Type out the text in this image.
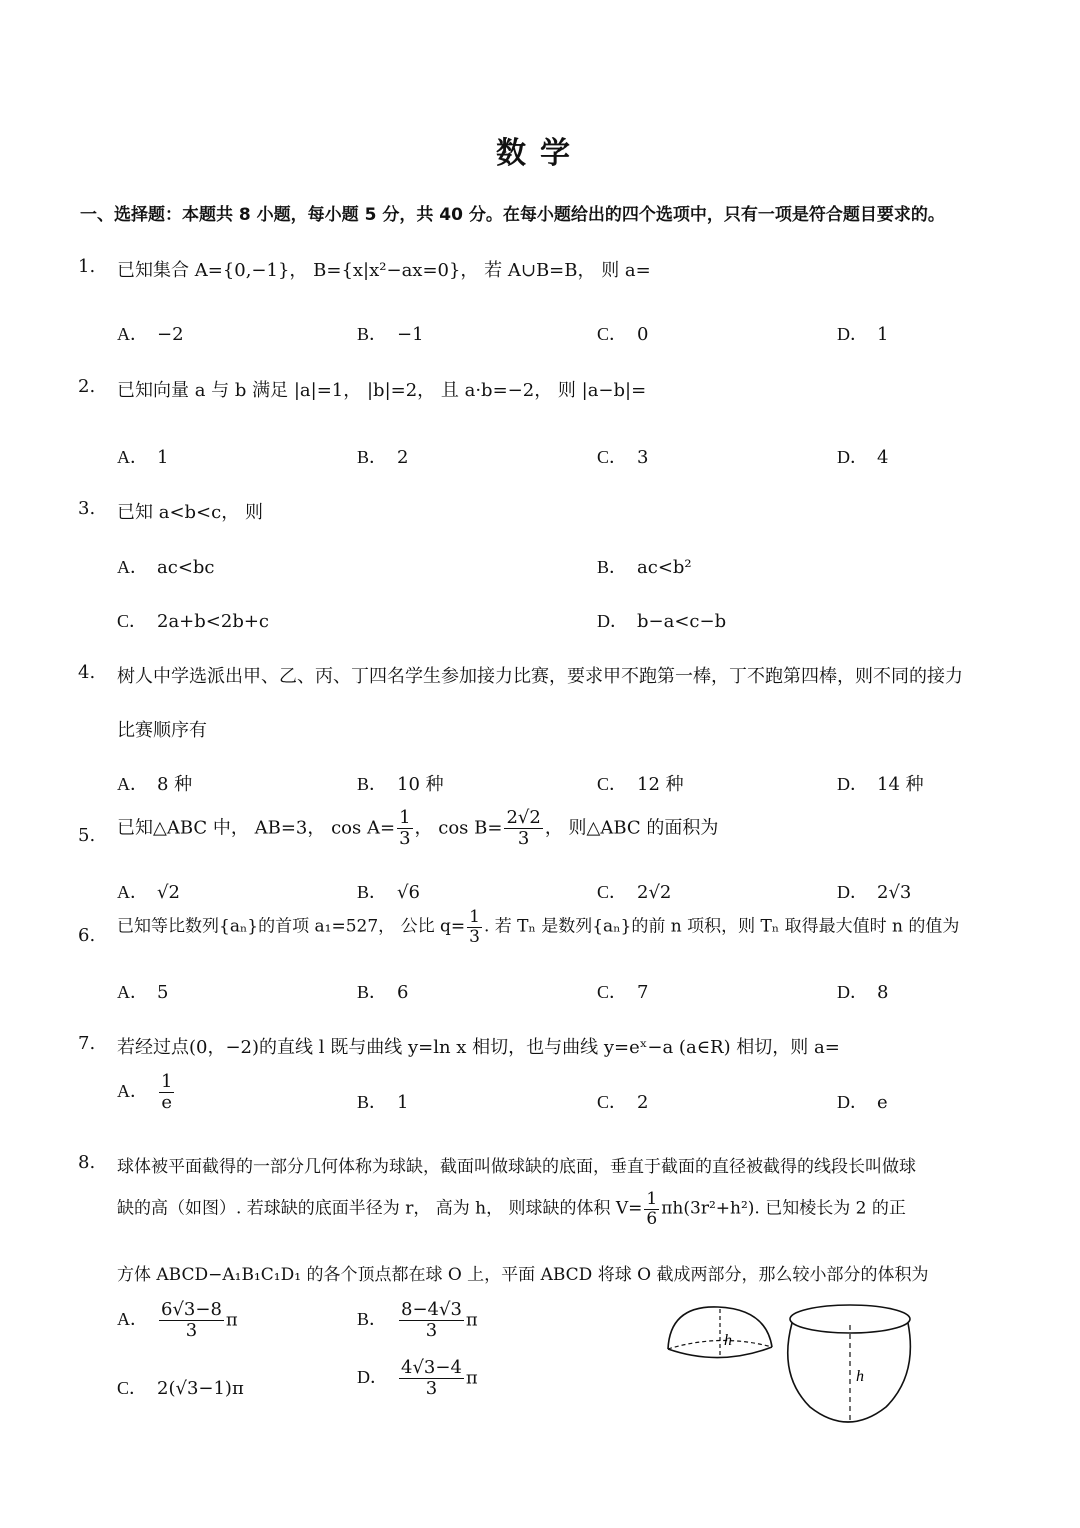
数学
一、选择题：本题共 8 小题，每小题 5 分，共 40 分。在每小题给出的四个选项中，只有一项是符合题目要求的。
1. 已知集合 A={0,−1}， B={x|x²−ax=0}， 若 A∪B=B， 则 a=
A． −2	B． −1	C． 0	D． 1
2. 已知向量 a 与 b 满足 |a|=1， |b|=2， 且 a·b=−2， 则 |a−b|=
A． 1	B． 2	C． 3	D． 4
3. 已知 a<b<c， 则
A． ac<bc	B． ac<b²
C． 2a+b<2b+c	D． b−a<c−b
4. 树人中学选派出甲、乙、丙、丁四名学生参加接力比赛，要求甲不跑第一棒，丁不跑第四棒，则不同的接力
比赛顺序有
A． 8 种	B． 10 种	C． 12 种	D． 14 种
5. 已知△ABC 中， AB=3， $\cos A= \frac{1}{3}$ ， $\cos B= \frac{2√2}{3}$ ， 则△ABC 的面积为
A． √2	B． √6	C． 2√2	D． 2√3
6. 已知等比数列{aₙ}的首项 a₁=527， 公比 $q= \frac{1}{3}$ . 若 Tₙ 是数列{aₙ}的前 n 项积，则 Tₙ 取得最大值时 n 的值为
A． 5	B． 6	C． 7	D． 8
7. 若经过点(0，−2)的直线 l 既与曲线 y=ln x 相切，也与曲线 y=eˣ−a (a∈R) 相切，则 a=
A． $\frac{1}{e}$	B． 1	C． 2	D． e
8. 球体被平面截得的一部分几何体称为球缺，截面叫做球缺的底面，垂直于截面的直径被截得的线段长叫做球
缺的高（如图）. 若球缺的底面半径为 r， 高为 h， 则球缺的体积 $V= \frac{1}{6} \pi h(3r^2+h^2)$. 已知棱长为 2 的正
方体 ABCD−A₁B₁C₁D₁ 的各个顶点都在球 O 上，平面 ABCD 将球 O 截成两部分，那么较小部分的体积为
A． $\frac{6√3-8}{3}$ π	B． $\frac{8-4√3}{3}$ π
C． 2(√3−1)π
D． $\frac{4√3-4}{3}$ π
h
h
